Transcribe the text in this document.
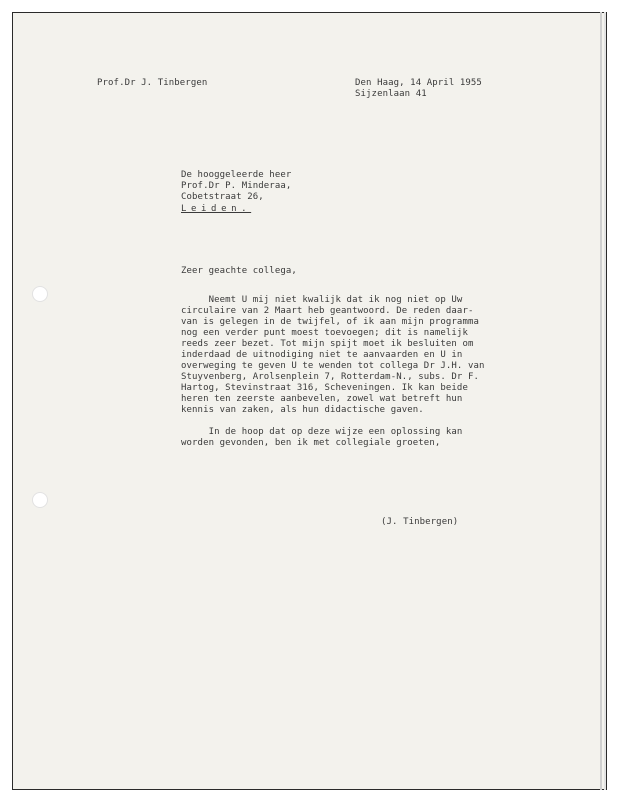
Prof.Dr J. Tinbergen	Den Haag, 14 April 1955
Sijzenlaan 41
De hooggeleerde heer
Prof.Dr P. Minderaa,
Cobetstraat 26,
Leiden.
Zeer geachte collega,
Neemt U mij niet kwalijk dat ik nog niet op Uw
circulaire van 2 Maart heb geantwoord. De reden daar-
van is gelegen in de twijfel, of ik aan mijn programma
nog een verder punt moest toevoegen; dit is namelijk
reeds zeer bezet. Tot mijn spijt moet ik besluiten om
inderdaad de uitnodiging niet te aanvaarden en U in
overweging te geven U te wenden tot collega Dr J.H. van
Stuyvenberg, Arolsenplein 7, Rotterdam-N., subs. Dr F.
Hartog, Stevinstraat 316, Scheveningen. Ik kan beide
heren ten zeerste aanbevelen, zowel wat betreft hun
kennis van zaken, als hun didactische gaven.
In de hoop dat op deze wijze een oplossing kan
worden gevonden, ben ik met collegiale groeten,
(J. Tinbergen)
